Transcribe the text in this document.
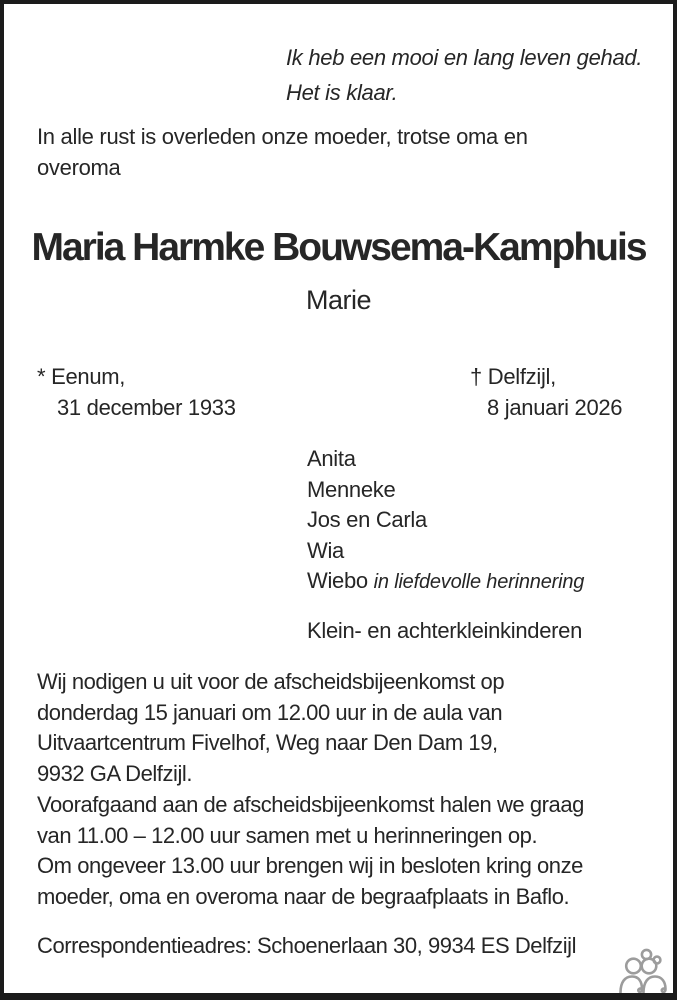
Ik heb een mooi en lang leven gehad.
Het is klaar.
In alle rust is overleden onze moeder, trotse oma en
overoma
Maria Harmke Bouwsema-Kamphuis
Marie
* Eenum,
31 december 1933
† Delfzijl,
8 januari 2026
Anita
Menneke
Jos en Carla
Wia
Wiebo in liefdevolle herinnering
Klein- en achterkleinkinderen
Wij nodigen u uit voor de afscheidsbijeenkomst op
donderdag 15 januari om 12.00 uur in de aula van
Uitvaartcentrum Fivelhof, Weg naar Den Dam 19,
9932 GA Delfzijl.
Voorafgaand aan de afscheidsbijeenkomst halen we graag
van 11.00 – 12.00 uur samen met u herinneringen op.
Om ongeveer 13.00 uur brengen wij in besloten kring onze
moeder, oma en overoma naar de begraafplaats in Baflo.
Correspondentieadres: Schoenerlaan 30, 9934 ES Delfzijl
